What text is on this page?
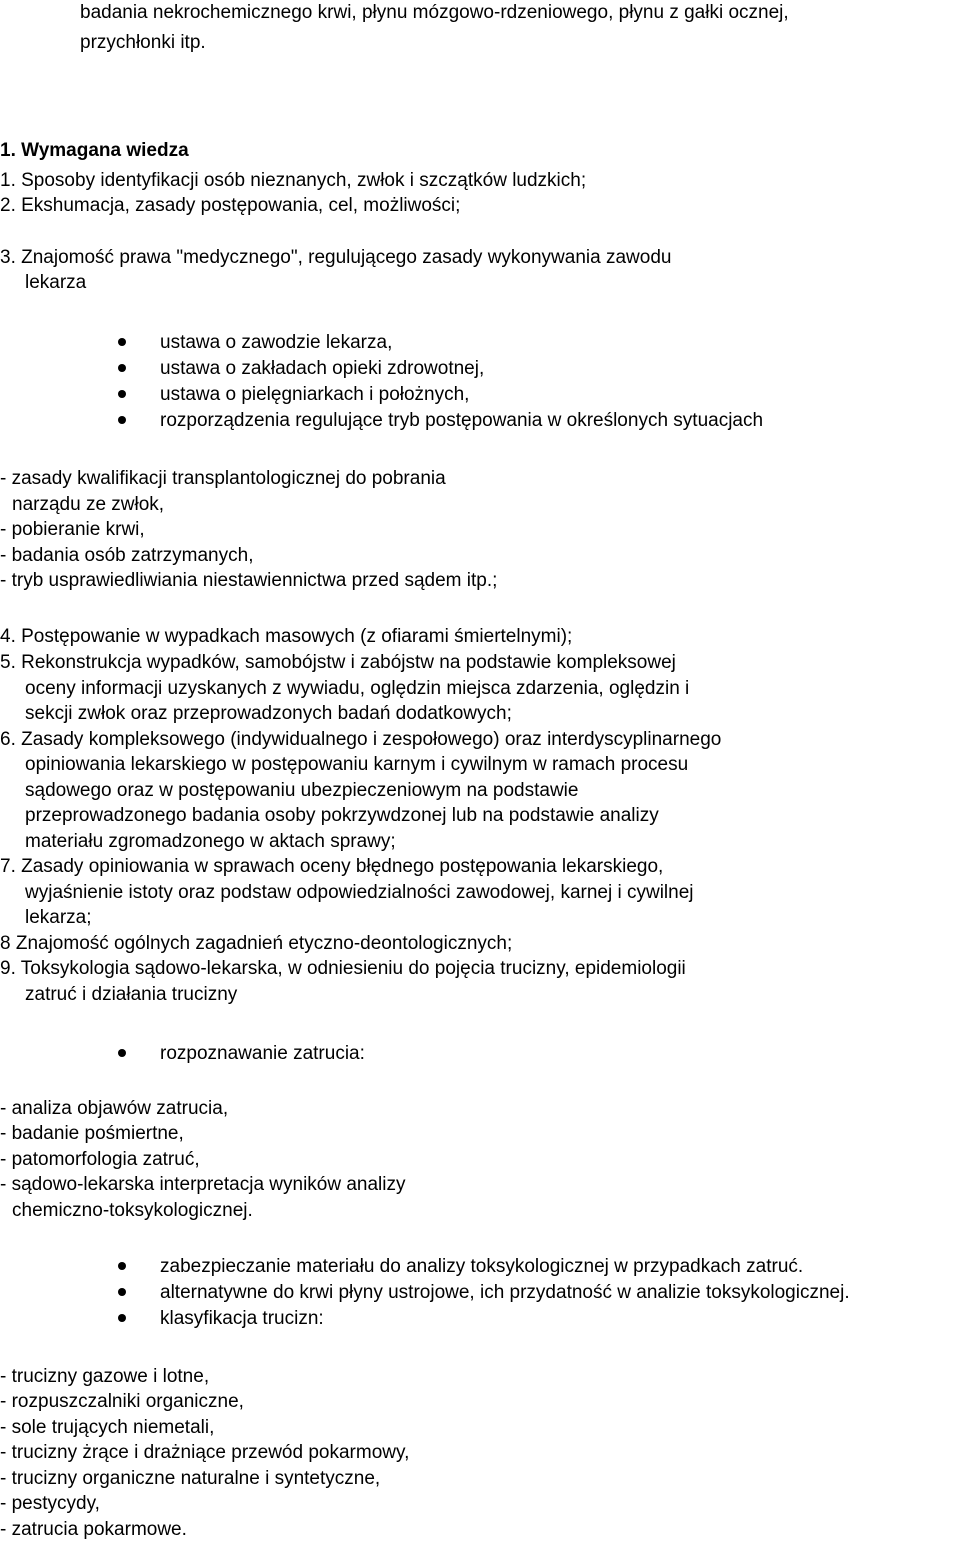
badania nekrochemicznego krwi, płynu mózgowo-rdzeniowego, płynu z gałki ocznej,

przychłonki itp.

1. Wymagana wiedza

1. Sposoby identyfikacji osób nieznanych, zwłok i szczątków ludzkich;

2. Ekshumacja, zasady postępowania, cel, możliwości;

3. Znajomość prawa "medycznego", regulującego zasady wykonywania zawodu

lekarza

ustawa o zawodzie lekarza,

ustawa o zakładach opieki zdrowotnej,

ustawa o pielęgniarkach i położnych,

rozporządzenia regulujące tryb postępowania w określonych sytuacjach

- zasady kwalifikacji transplantologicznej do pobrania

narządu ze zwłok,

- pobieranie krwi,

- badania osób zatrzymanych,

- tryb usprawiedliwiania niestawiennictwa przed sądem itp.;

4. Postępowanie w wypadkach masowych (z ofiarami śmiertelnymi);

5. Rekonstrukcja wypadków, samobójstw i zabójstw na podstawie kompleksowej

oceny informacji uzyskanych z wywiadu, oględzin miejsca zdarzenia, oględzin i

sekcji zwłok oraz przeprowadzonych badań dodatkowych;

6. Zasady kompleksowego (indywidualnego i zespołowego) oraz interdyscyplinarnego

opiniowania lekarskiego w postępowaniu karnym i cywilnym w ramach procesu

sądowego oraz w postępowaniu ubezpieczeniowym na podstawie

przeprowadzonego badania osoby pokrzywdzonej lub na podstawie analizy

materiału zgromadzonego w aktach sprawy;

7. Zasady opiniowania w sprawach oceny błędnego postępowania lekarskiego,

wyjaśnienie istoty oraz podstaw odpowiedzialności zawodowej, karnej i cywilnej

lekarza;

8 Znajomość ogólnych zagadnień etyczno-deontologicznych;

9. Toksykologia sądowo-lekarska, w odniesieniu do pojęcia trucizny, epidemiologii

zatruć i działania trucizny

rozpoznawanie zatrucia:

- analiza objawów zatrucia,

- badanie pośmiertne,

- patomorfologia zatruć,

- sądowo-lekarska interpretacja wyników analizy

chemiczno-toksykologicznej.

zabezpieczanie materiału do analizy toksykologicznej w przypadkach zatruć.

alternatywne do krwi płyny ustrojowe, ich przydatność w analizie toksykologicznej.

klasyfikacja trucizn:

- trucizny gazowe i lotne,

- rozpuszczalniki organiczne,

- sole trujących niemetali,

- trucizny żrące i drażniące przewód pokarmowy,

- trucizny organiczne naturalne i syntetyczne,

- pestycydy,

- zatrucia pokarmowe.
